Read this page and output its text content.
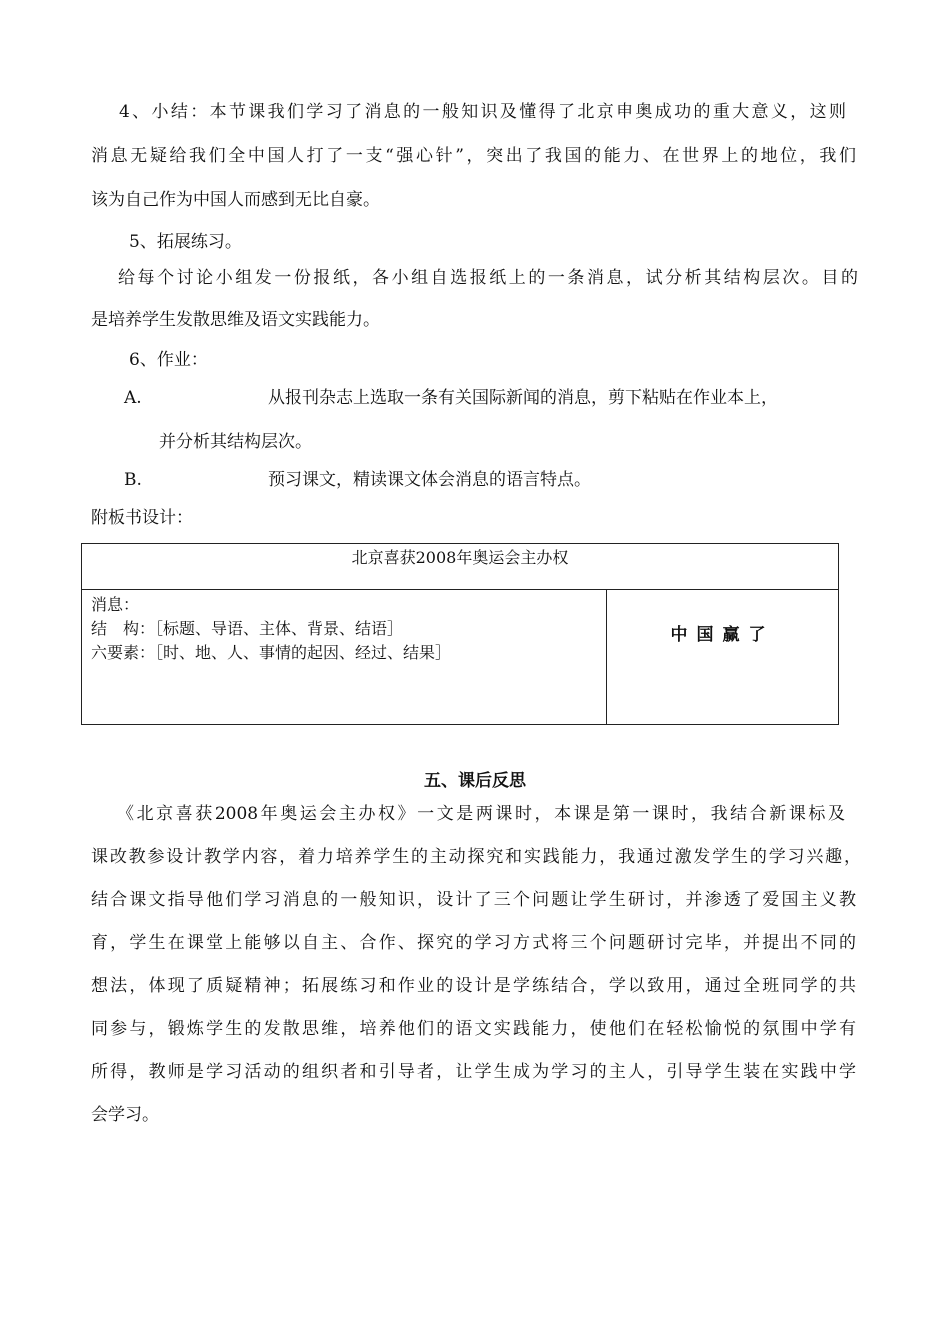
4、小结：本节课我们学习了消息的一般知识及懂得了北京申奥成功的重大意义，这则
消息无疑给我们全中国人打了一支“强心针”，突出了我国的能力、在世界上的地位，我们
该为自己作为中国人而感到无比自豪。
5、拓展练习。
给每个讨论小组发一份报纸，各小组自选报纸上的一条消息，试分析其结构层次。目的
是培养学生发散思维及语文实践能力。
6、作业：
A.	从报刊杂志上选取一条有关国际新闻的消息，剪下粘贴在作业本上，
并分析其结构层次。
B.	预习课文，精读课文体会消息的语言特点。
附板书设计：
北京喜获2008年奥运会主办权
消息：
结　构：［标题、导语、主体、背景、结语］
六要素：［时、地、人、事情的起因、经过、结果］
中国赢了
五、课后反思
《北京喜获2008年奥运会主办权》一文是两课时，本课是第一课时，我结合新课标及
课改教参设计教学内容，着力培养学生的主动探究和实践能力，我通过激发学生的学习兴趣，
结合课文指导他们学习消息的一般知识，设计了三个问题让学生研讨，并渗透了爱国主义教
育，学生在课堂上能够以自主、合作、探究的学习方式将三个问题研讨完毕，并提出不同的
想法，体现了质疑精神；拓展练习和作业的设计是学练结合，学以致用，通过全班同学的共
同参与，锻炼学生的发散思维，培养他们的语文实践能力，使他们在轻松愉悦的氛围中学有
所得，教师是学习活动的组织者和引导者，让学生成为学习的主人，引导学生装在实践中学
会学习。
